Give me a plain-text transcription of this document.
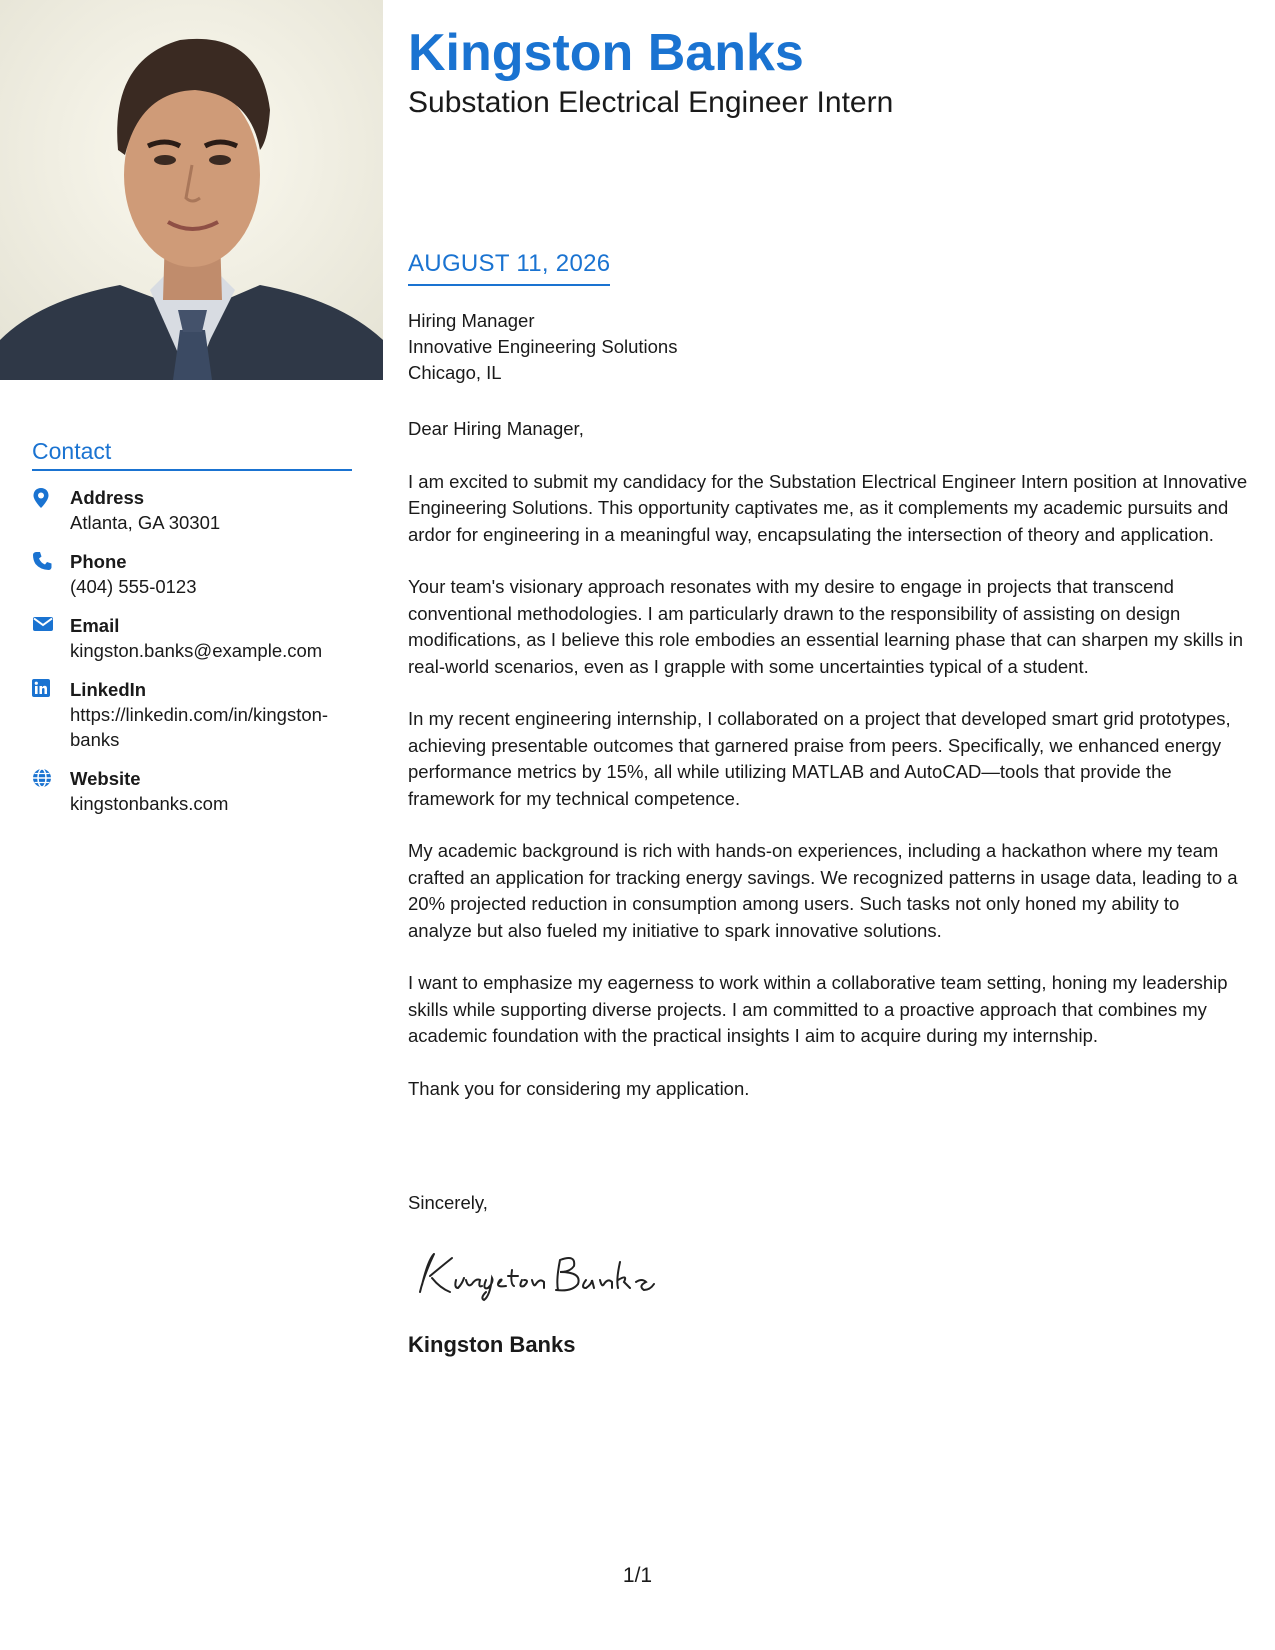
Contact
Address
Atlanta, GA 30301
Phone
(404) 555-0123
Email
kingston.banks@example.com
LinkedIn
https://linkedin.com/in/kingston-banks
Website
kingstonbanks.com
Kingston Banks
Substation Electrical Engineer Intern
AUGUST 11, 2026
Hiring Manager
Innovative Engineering Solutions
Chicago, IL

Dear Hiring Manager,

I am excited to submit my candidacy for the Substation Electrical Engineer Intern position at Innovative Engineering Solutions. This opportunity captivates me, as it complements my academic pursuits and ardor for engineering in a meaningful way, encapsulating the intersection of theory and application.

Your team's visionary approach resonates with my desire to engage in projects that transcend conventional methodologies. I am particularly drawn to the responsibility of assisting on design modifications, as I believe this role embodies an essential learning phase that can sharpen my skills in real-world scenarios, even as I grapple with some uncertainties typical of a student.

In my recent engineering internship, I collaborated on a project that developed smart grid prototypes, achieving presentable outcomes that garnered praise from peers. Specifically, we enhanced energy performance metrics by 15%, all while utilizing MATLAB and AutoCAD—tools that provide the framework for my technical competence.

My academic background is rich with hands-on experiences, including a hackathon where my team crafted an application for tracking energy savings. We recognized patterns in usage data, leading to a 20% projected reduction in consumption among users. Such tasks not only honed my ability to analyze but also fueled my initiative to spark innovative solutions.

I want to emphasize my eagerness to work within a collaborative team setting, honing my leadership skills while supporting diverse projects. I am committed to a proactive approach that combines my academic foundation with the practical insights I aim to acquire during my internship.

Thank you for considering my application.

Sincerely,
Kingston Banks
1/1
